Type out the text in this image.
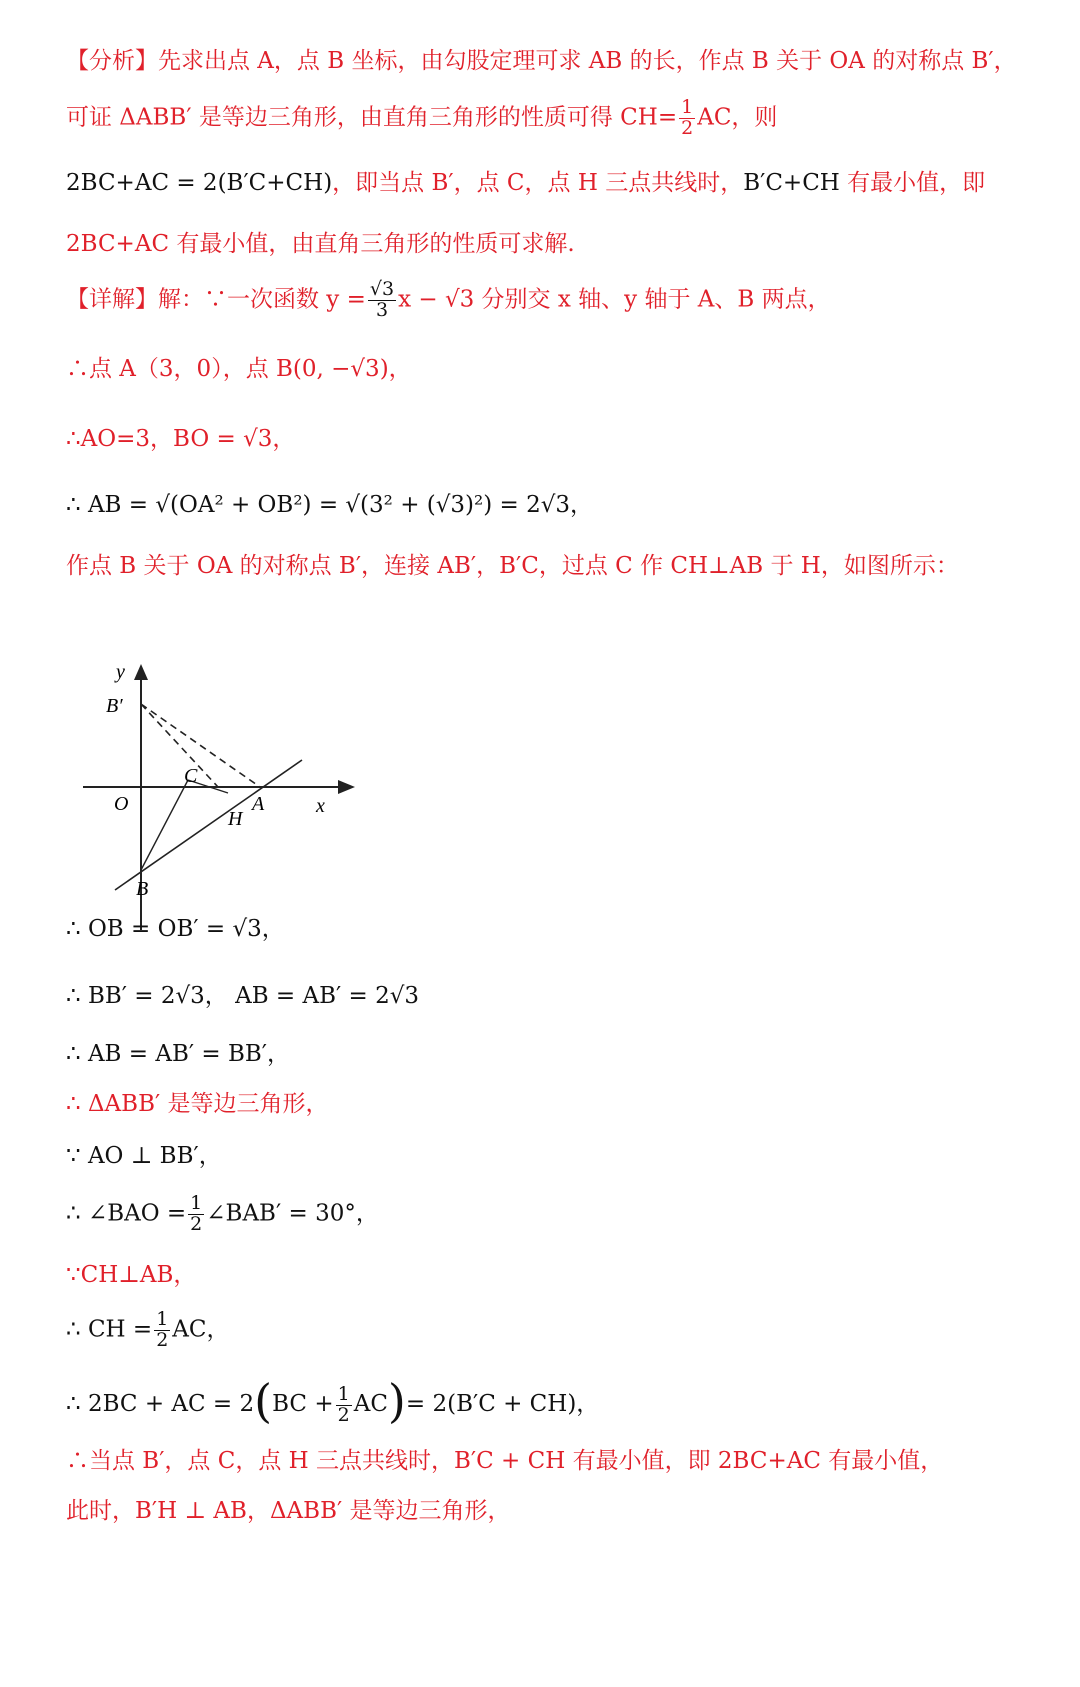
【分析】先求出点 A，点 B 坐标，由勾股定理可求 AB 的长，作点 B 关于 OA 的对称点 B′，
可证 ΔABB′ 是等边三角形，由直角三角形的性质可得 $CH= \frac{1}{2}$ AC，则
2BC+AC = 2(B′C+CH)，即当点 B′，点 C，点 H 三点共线时，B′C+CH 有最小值，即
2BC+AC 有最小值，由直角三角形的性质可求解.
【详解】解：∵一次函数 $y = \frac{√3}{3}$ x − √3 分别交 x 轴、y 轴于 A、B 两点，
∴点 A（3，0），点 B(0, −√3)，
∴AO=3，BO = √3，
∴ AB = √(OA² + OB²) = √(3² + (√3)²) = 2√3，
作点 B 关于 OA 的对称点 B′，连接 AB′，B′C，过点 C 作 CH⊥AB 于 H，如图所示：
y
B′
C
O	A
H
x
B
∴ OB = OB′ = √3，
∴ BB′ = 2√3， AB = AB′ = 2√3
∴ AB = AB′ = BB′，
∴ ΔABB′ 是等边三角形，
∵ AO ⊥ BB′，
∴ ∠BAO = $\frac{1}{2}$ ∠BAB′ = 30°，
∵CH⊥AB，
∴ CH = $\frac{1}{2}$ AC，
∴ 2BC + AC = $2(BC + \frac{1}{2} AC)= 2(B'C + CH)$，
∴当点 B′，点 C，点 H 三点共线时，B′C + CH 有最小值，即 2BC+AC 有最小值，
此时，B′H ⊥ AB，ΔABB′ 是等边三角形，
